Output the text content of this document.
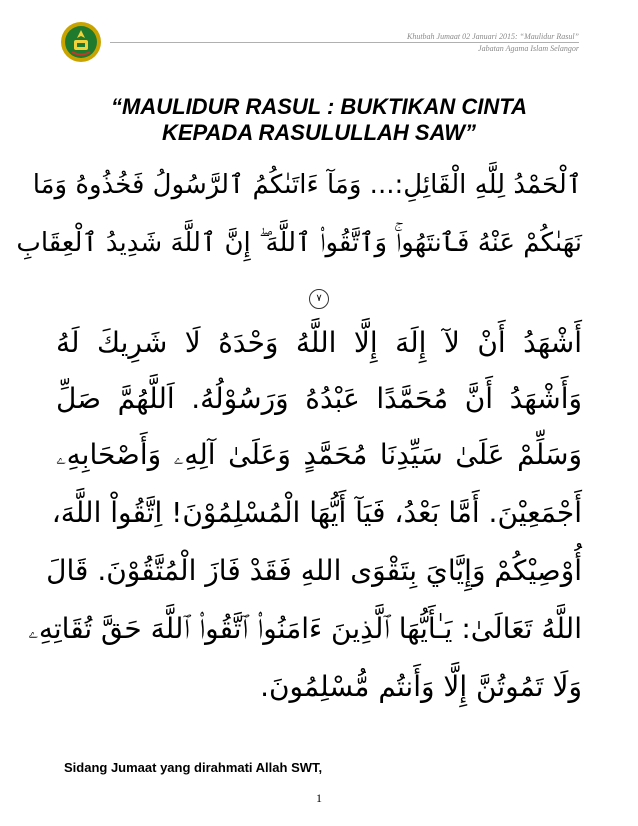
Khutbah Jumaat 02 Januari 2015: “Maulidur Rasul”
Jabatan Agama Islam Selangor
“MAULIDUR RASUL : BUKTIKAN CINTA
KEPADA RASULULLAH SAW”
ٱلْحَمْدُ لِلَّهِ الْقَائِلِ:... وَمَآ ءَاتَىٰكُمُ ٱلرَّسُولُ فَخُذُوهُ وَمَا
نَهَىٰكُمْ عَنْهُ فَٱنتَهُواۚ وَٱتَّقُوا۟ ٱللَّهَ ۖ إِنَّ ٱللَّهَ شَدِيدُ ٱلْعِقَابِ
٧
أَشْهَدُ أَنْ لآ إِلَهَ إِلَّا اللَّهُ وَحْدَهُ لَا شَرِيكَ لَهُ
وَأَشْهَدُ أَنَّ مُحَمَّدًا عَبْدُهُ وَرَسُوْلُهُ. اَللَّهُمَّ صَلِّ
وَسَلِّمْ عَلَىٰ سَيِّدِنَا مُحَمَّدٍ وَعَلَىٰ آلِهِۦ وَأَصْحَابِهِۦ
أَجْمَعِيْنَ. أَمَّا بَعْدُ، فَيَآ أَيُّهَا الْمُسْلِمُوْنَ! اِتَّقُواْ اللَّهَ،
أُوْصِيْكُمْ وَإِيَّايَ بِتَقْوَى اللهِ فَقَدْ فَازَ الْمُتَّقُوْنَ. قَالَ
اللَّهُ تَعَالَىٰ: يَـٰأَيُّهَا ٱلَّذِينَ ءَامَنُوا۟ ٱتَّقُوا۟ ٱللَّهَ حَقَّ تُقَاتِهِۦ
وَلَا تَمُوتُنَّ إِلَّا وَأَنتُم مُّسْلِمُونَ.
Sidang Jumaat yang dirahmati Allah SWT,
1
